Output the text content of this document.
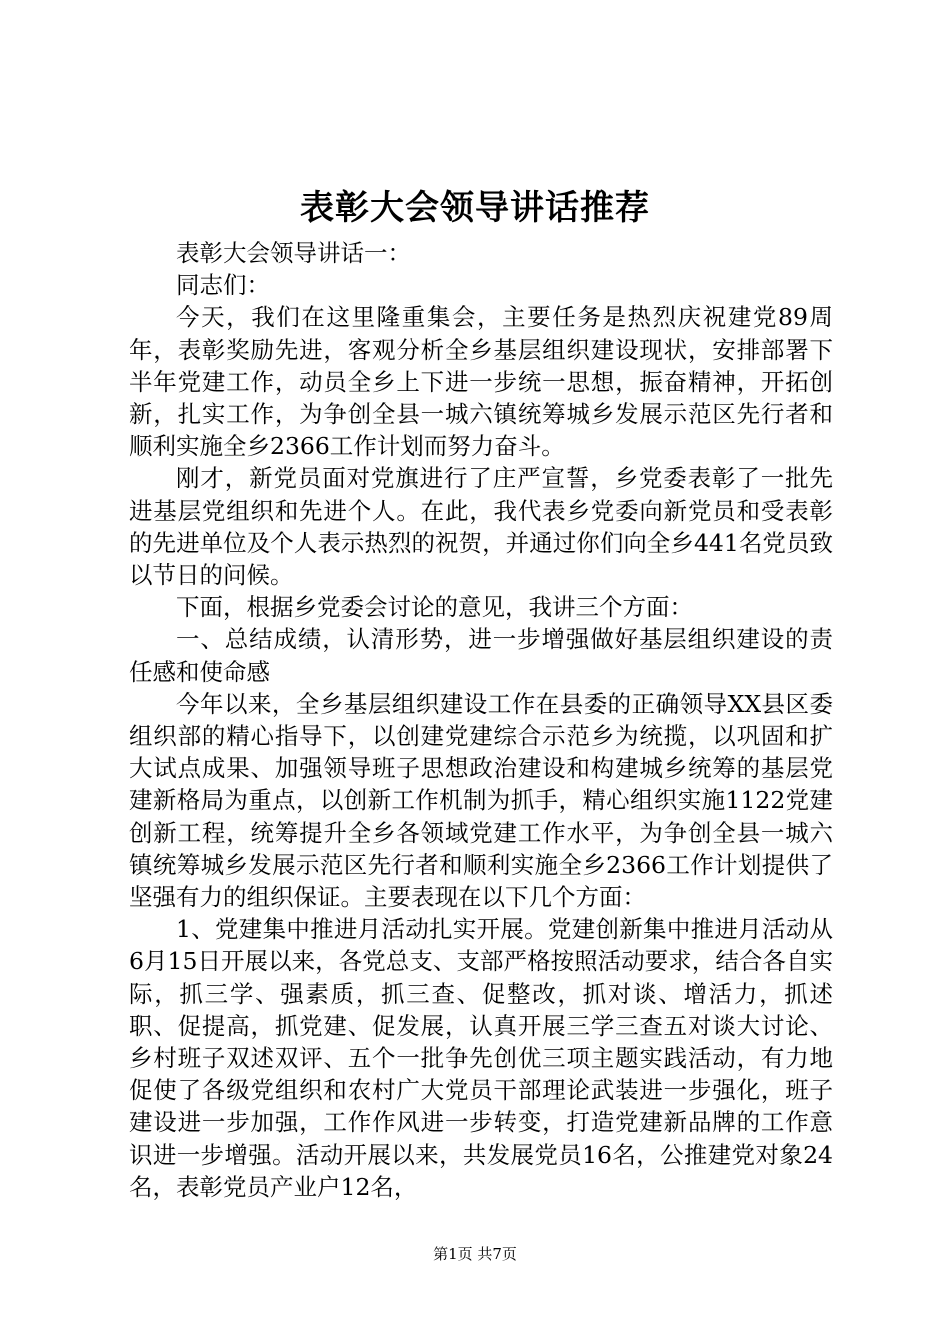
表彰大会领导讲话推荐

表彰大会领导讲话一：

同志们：

今天，我们在这里隆重集会，主要任务是热烈庆祝建党89周年，表彰奖励先进，客观分析全乡基层组织建设现状，安排部署下半年党建工作，动员全乡上下进一步统一思想，振奋精神，开拓创新，扎实工作，为争创全县一城六镇统筹城乡发展示范区先行者和顺利实施全乡2366工作计划而努力奋斗。

刚才，新党员面对党旗进行了庄严宣誓，乡党委表彰了一批先进基层党组织和先进个人。在此，我代表乡党委向新党员和受表彰的先进单位及个人表示热烈的祝贺，并通过你们向全乡441名党员致以节日的问候。

下面，根据乡党委会讨论的意见，我讲三个方面：

一、总结成绩，认清形势，进一步增强做好基层组织建设的责任感和使命感

今年以来，全乡基层组织建设工作在县委的正确领导XX县区委组织部的精心指导下，以创建党建综合示范乡为统揽，以巩固和扩大试点成果、加强领导班子思想政治建设和构建城乡统筹的基层党建新格局为重点，以创新工作机制为抓手，精心组织实施1122党建创新工程，统筹提升全乡各领域党建工作水平，为争创全县一城六镇统筹城乡发展示范区先行者和顺利实施全乡2366工作计划提供了坚强有力的组织保证。主要表现在以下几个方面：

1、党建集中推进月活动扎实开展。党建创新集中推进月活动从6月15日开展以来，各党总支、支部严格按照活动要求，结合各自实际，抓三学、强素质，抓三查、促整改，抓对谈、增活力，抓述职、促提高，抓党建、促发展，认真开展三学三查五对谈大讨论、乡村班子双述双评、五个一批争先创优三项主题实践活动，有力地促使了各级党组织和农村广大党员干部理论武装进一步强化，班子建设进一步加强，工作作风进一步转变，打造党建新品牌的工作意识进一步增强。活动开展以来，共发展党员16名，公推建党对象24名，表彰党员产业户12名，

第1页 共7页
